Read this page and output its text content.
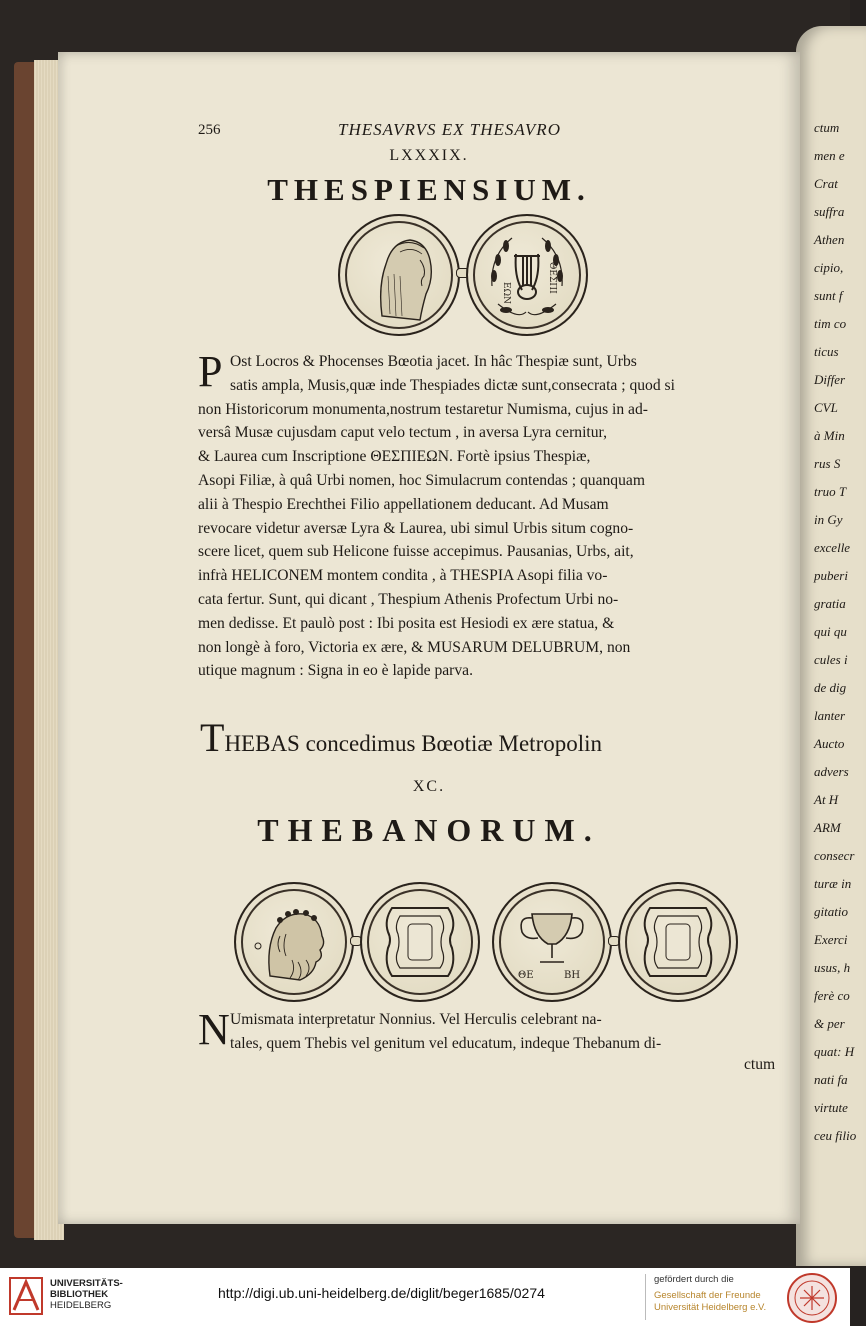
ctum
men e
Crat
suffra
Athen
cipio,
sunt f
tim co
ticus
Differ
CVL
à Min
rus S
truo T
in Gy
excelle
puberi
gratia
qui qu
cules i
de dig
lanter
Aucto
advers
At H
ARM
consecr
turæ in
gitatio
Exerci
usus, h
ferè co
& per
quat: H
nati fa
virtute
ceu filio
256	THESAVRVS EX THESAVRO
LXXXIX.
THESPIENSIUM.
ΕΩΝ	ΘΕΣΠΙ
P Ost Locros & Phocenses Bœotia jacet. In hâc Thespiæ sunt, Urbs
satis ampla, Musis,quæ inde Thespiades dictæ sunt,consecrata ; quod si
non Historicorum monumenta,nostrum testaretur Numisma, cujus in ad-
versâ Musæ cujusdam caput velo tectum , in aversa Lyra cernitur,
& Laurea cum Inscriptione ΘΕΣΠΙΕΩΝ. Fortè ipsius Thespiæ,
Asopi Filiæ, à quâ Urbi nomen, hoc Simulacrum contendas ; quanquam
alii à Thespio Erechthei Filio appellationem deducant. Ad Musam
revocare videtur aversæ Lyra & Laurea, ubi simul Urbis situm cogno-
scere licet, quem sub Helicone fuisse accepimus. Pausanias, Urbs, ait,
infrà HELICONEM montem condita , à THESPIA Asopi filia vo-
cata fertur. Sunt, qui dicant , Thespium Athenis Profectum Urbi no-
men dedisse. Et paulò post : Ibi posita est Hesiodi ex ære statua, &
non longè à foro, Victoria ex ære, & MUSARUM DELUBRUM, non
utique magnum : Signa in eo è lapide parva.
THEBAS concedimus Bœotiæ Metropolin
XC.
THEBANORUM.
ΘΕ	ΒΗ
N Umismata interpretatur Nonnius. Vel Herculis celebrant na-
tales, quem Thebis vel genitum vel educatum, indeque Thebanum di-
ctum
UNIVERSITÄTS-
BIBLIOTHEK
HEIDELBERG
http://digi.ub.uni-heidelberg.de/diglit/beger1685/0274
gefördert durch die
Gesellschaft der Freunde
Universität Heidelberg e.V.
